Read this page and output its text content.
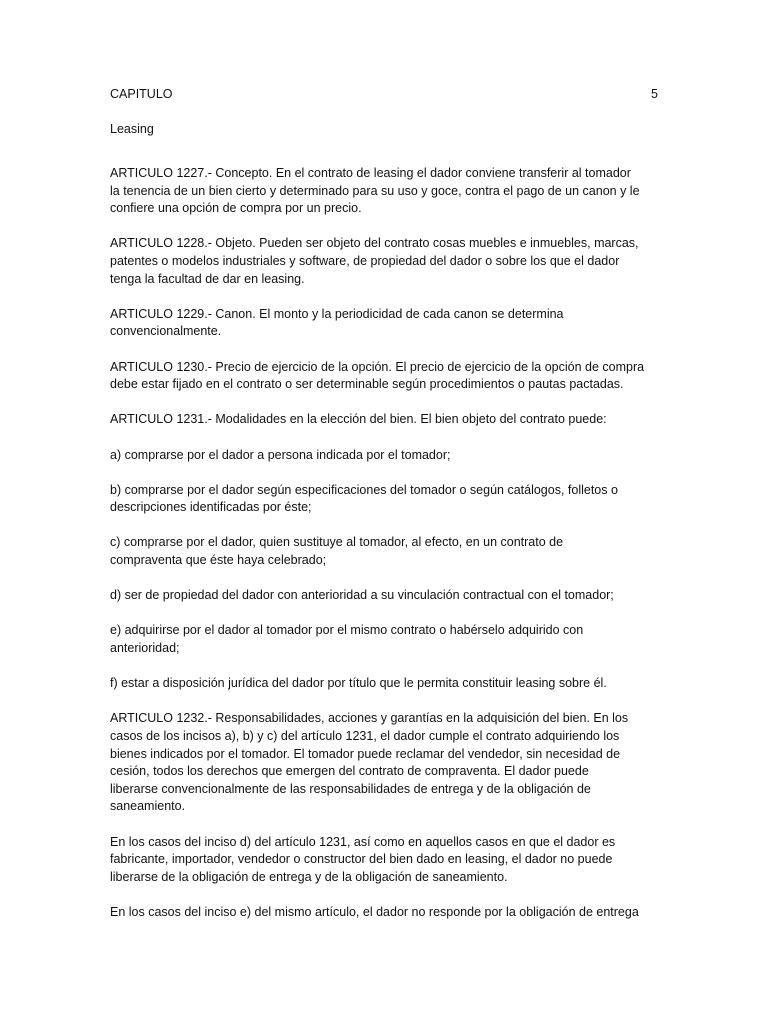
CAPITULO	5
Leasing

ARTICULO 1227.- Concepto. En el contrato de leasing el dador conviene transferir al tomador
la tenencia de un bien cierto y determinado para su uso y goce, contra el pago de un canon y le
confiere una opción de compra por un precio.

ARTICULO 1228.- Objeto. Pueden ser objeto del contrato cosas muebles e inmuebles, marcas,
patentes o modelos industriales y software, de propiedad del dador o sobre los que el dador
tenga la facultad de dar en leasing.

ARTICULO 1229.- Canon. El monto y la periodicidad de cada canon se determina
convencionalmente.

ARTICULO 1230.- Precio de ejercicio de la opción. El precio de ejercicio de la opción de compra
debe estar fijado en el contrato o ser determinable según procedimientos o pautas pactadas.

ARTICULO 1231.- Modalidades en la elección del bien. El bien objeto del contrato puede:

a) comprarse por el dador a persona indicada por el tomador;

b) comprarse por el dador según especificaciones del tomador o según catálogos, folletos o
descripciones identificadas por éste;

c) comprarse por el dador, quien sustituye al tomador, al efecto, en un contrato de
compraventa que éste haya celebrado;

d) ser de propiedad del dador con anterioridad a su vinculación contractual con el tomador;

e) adquirirse por el dador al tomador por el mismo contrato o habérselo adquirido con
anterioridad;

f) estar a disposición jurídica del dador por título que le permita constituir leasing sobre él.

ARTICULO 1232.- Responsabilidades, acciones y garantías en la adquisición del bien. En los
casos de los incisos a), b) y c) del artículo 1231, el dador cumple el contrato adquiriendo los
bienes indicados por el tomador. El tomador puede reclamar del vendedor, sin necesidad de
cesión, todos los derechos que emergen del contrato de compraventa. El dador puede
liberarse convencionalmente de las responsabilidades de entrega y de la obligación de
saneamiento.

En los casos del inciso d) del artículo 1231, así como en aquellos casos en que el dador es
fabricante, importador, vendedor o constructor del bien dado en leasing, el dador no puede
liberarse de la obligación de entrega y de la obligación de saneamiento.

En los casos del inciso e) del mismo artículo, el dador no responde por la obligación de entrega
